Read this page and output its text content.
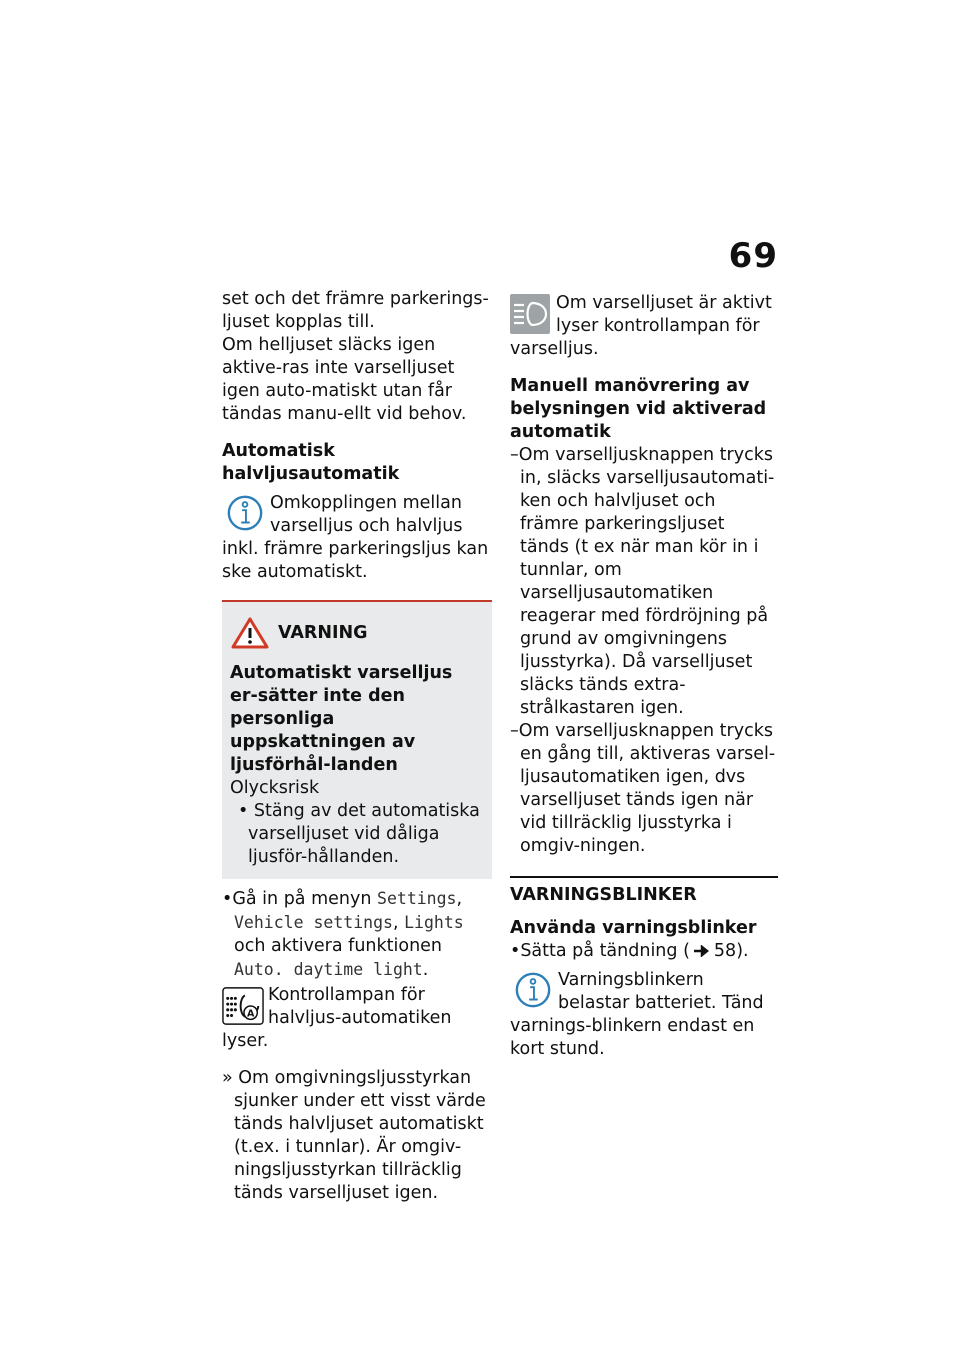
69

set och det främre parkerings-ljuset kopplas till.

Om helljuset släcks igen aktive-ras inte varselljuset igen auto-matiskt utan får tändas manu-ellt vid behov.

Automatisk halvljusautomatik

Omkopplingen mellan varselljus och halvljus inkl. främre parkeringsljus kan ske automatiskt.
VARNING

Automatiskt varselljus er-sätter inte den personliga uppskattningen av ljusförhål-landen

Olycksrisk

• Stäng av det automatiska varselljuset vid dåliga ljusför-hållanden.

•Gå in på menyn Settings, Vehicle settings, Lights och aktivera funktionen Auto. daytime light.

A
Kontrollampan för halvljus-automatiken lyser.

» Om omgivningsljusstyrkan sjunker under ett visst värde tänds halvljuset automatiskt (t.ex. i tunnlar). Är omgiv-ningsljusstyrkan tillräcklig tänds varselljuset igen.

Om varselljuset är aktivt lyser kontrollampan för varselljus.

Manuell manövrering av belysningen vid aktiverad automatik

–Om varselljusknappen trycks in, släcks varselljusautomati-ken och halvljuset och främre parkeringsljuset tänds (t ex när man kör in i tunnlar, om varselljusautomatiken reagerar med fördröjning på grund av omgivningens ljusstyrka). Då varselljuset släcks tänds extra-strålkastaren igen.

–Om varselljusknappen trycks en gång till, aktiveras varsel-ljusautomatiken igen, dvs varselljuset tänds igen när vid tillräcklig ljusstyrka i omgiv-ningen.

VARNINGSBLINKER

Använda varningsblinker

•Sätta på tändning ( 58).

Varningsblinkern belastar batteriet. Tänd varnings-blinkern endast en kort stund.
